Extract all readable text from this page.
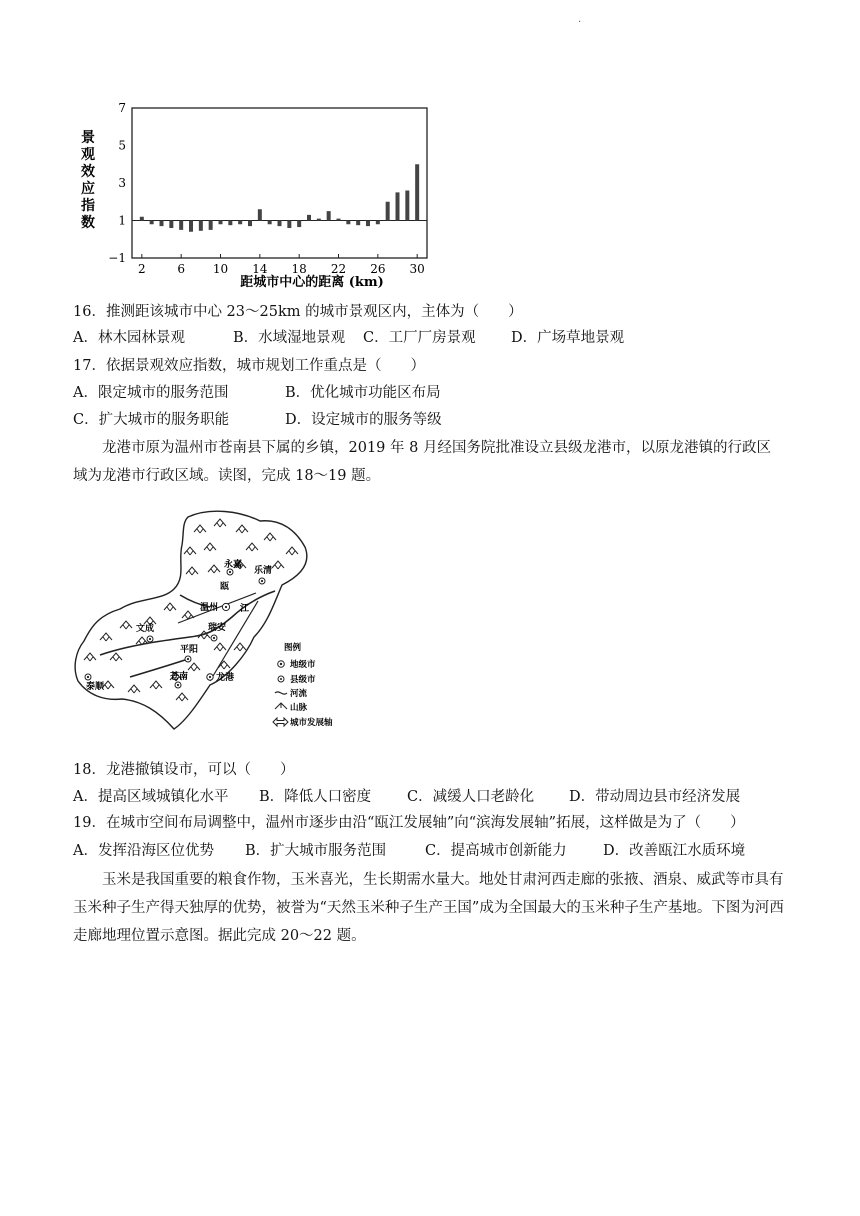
.
景
观
效
应
指
数
7
5
3
1
−1
2	6 10 14 18 22 26 30
距城市中心的距离 (km)
16．推测距该城市中心 23～25km 的城市景观区内，主体为（　　）
A．林木园林景观	B．水域湿地景观 C．工厂厂房景观 D．广场草地景观
17．依据景观效应指数，城市规划工作重点是（　　）
A．限定城市的服务范围	B．优化城市功能区布局
C．扩大城市的服务职能	D．设定城市的服务等级
龙港市原为温州市苍南县下属的乡镇，2019 年 8 月经国务院批准设立县级龙港市，以原龙港镇的行政区域为龙港市行政区域。读图，完成 18～19 题。
永嘉
乐清
温州
瑞安
文成
平阳
泰顺
苍南	龙港
瓯
江
图例
地级市
县级市
河流
山脉
城市发展轴
18．龙港撤镇设市，可以（　　）
A．提高区域城镇化水平 B．降低人口密度 C．减缓人口老龄化 D．带动周边县市经济发展
19．在城市空间布局调整中，温州市逐步由沿“瓯江发展轴”向“滨海发展轴”拓展，这样做是为了（　　）
A．发挥沿海区位优势 B．扩大城市服务范围	C．提高城市创新能力	D．改善瓯江水质环境
玉米是我国重要的粮食作物，玉米喜光，生长期需水量大。地处甘肃河西走廊的张掖、酒泉、威武等市具有玉米种子生产得天独厚的优势，被誉为“天然玉米种子生产王国”成为全国最大的玉米种子生产基地。下图为河西走廊地理位置示意图。据此完成 20～22 题。
